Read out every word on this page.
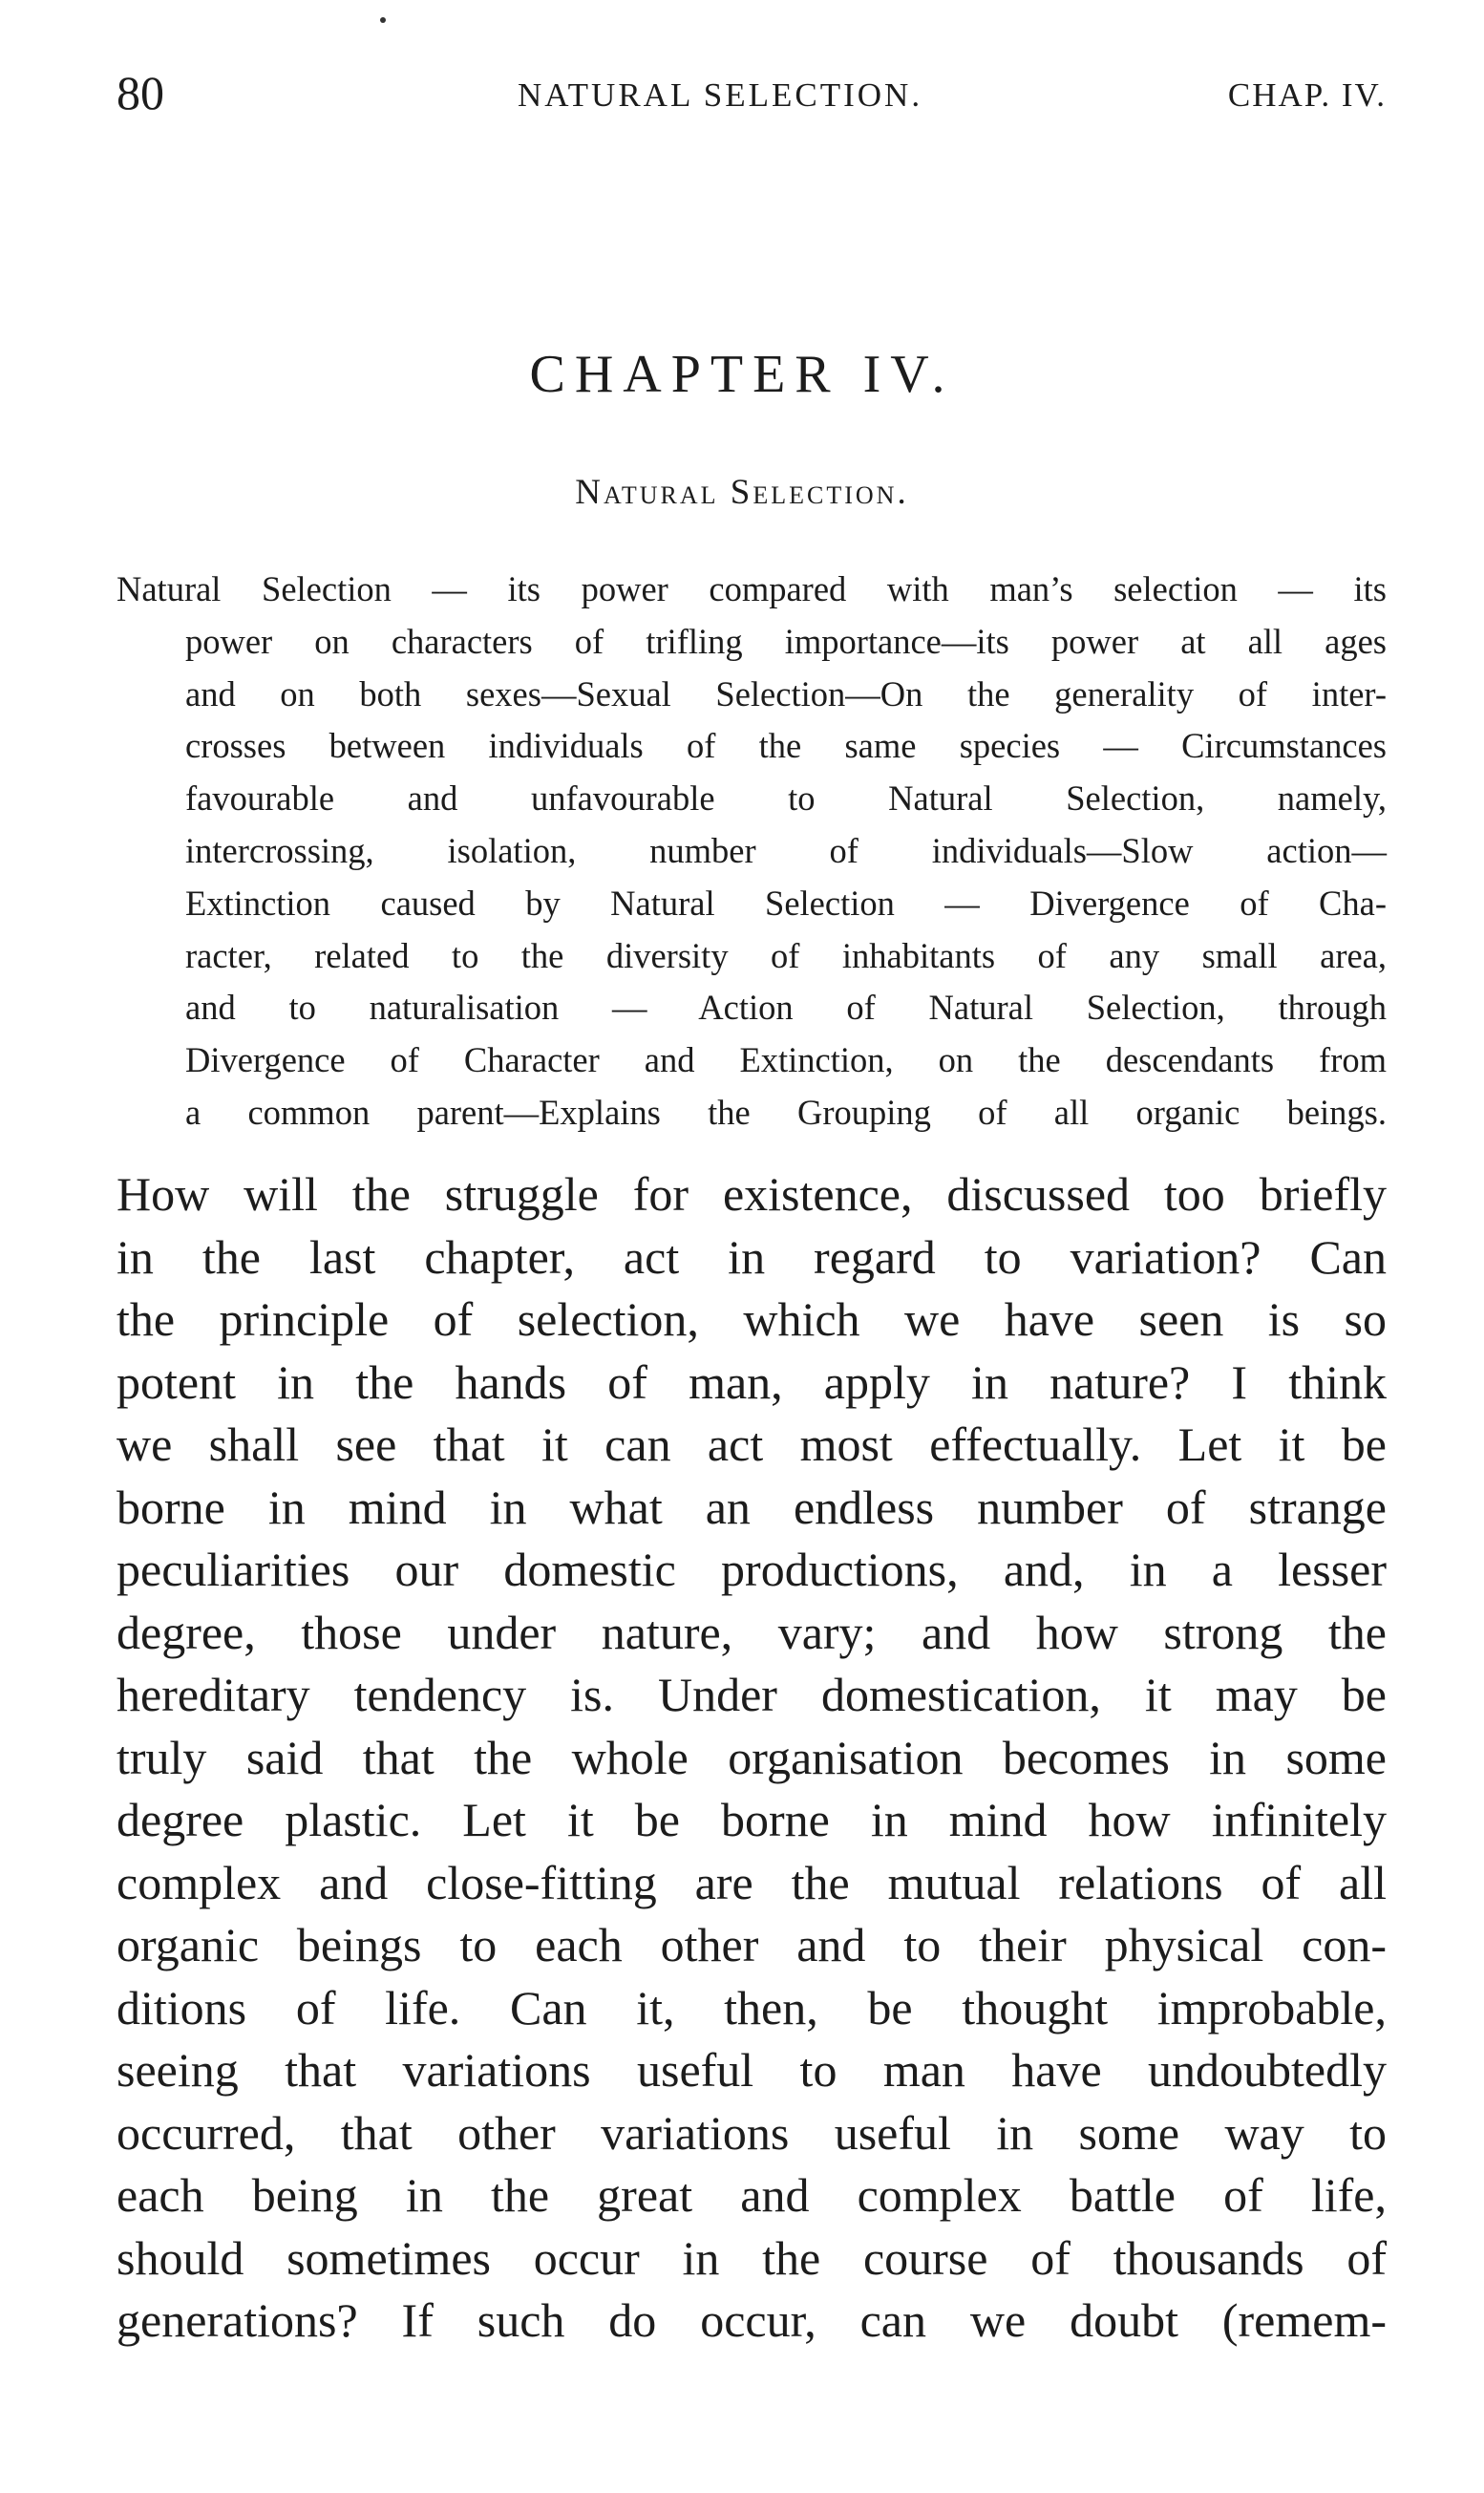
80	NATURAL SELECTION.	CHAP. IV.
CHAPTER IV.
Natural Selection.
Natural Selection — its power compared with man’s selection — its
power on characters of trifling importance—its power at all ages
and on both sexes—Sexual Selection—On the generality of inter-
crosses between individuals of the same species — Circumstances
favourable and unfavourable to Natural Selection, namely,
intercrossing, isolation, number of individuals—Slow action—
Extinction caused by Natural Selection — Divergence of Cha-
racter, related to the diversity of inhabitants of any small area,
and to naturalisation — Action of Natural Selection, through
Divergence of Character and Extinction, on the descendants from
a common parent—Explains the Grouping of all organic beings.
How will the struggle for existence, discussed too briefly
in the last chapter, act in regard to variation? Can
the principle of selection, which we have seen is so
potent in the hands of man, apply in nature? I think
we shall see that it can act most effectually. Let it be
borne in mind in what an endless number of strange
peculiarities our domestic productions, and, in a lesser
degree, those under nature, vary; and how strong the
hereditary tendency is. Under domestication, it may be
truly said that the whole organisation becomes in some
degree plastic. Let it be borne in mind how infinitely
complex and close-fitting are the mutual relations of all
organic beings to each other and to their physical con-
ditions of life. Can it, then, be thought improbable,
seeing that variations useful to man have undoubtedly
occurred, that other variations useful in some way to
each being in the great and complex battle of life,
should sometimes occur in the course of thousands of
generations? If such do occur, can we doubt (remem-
